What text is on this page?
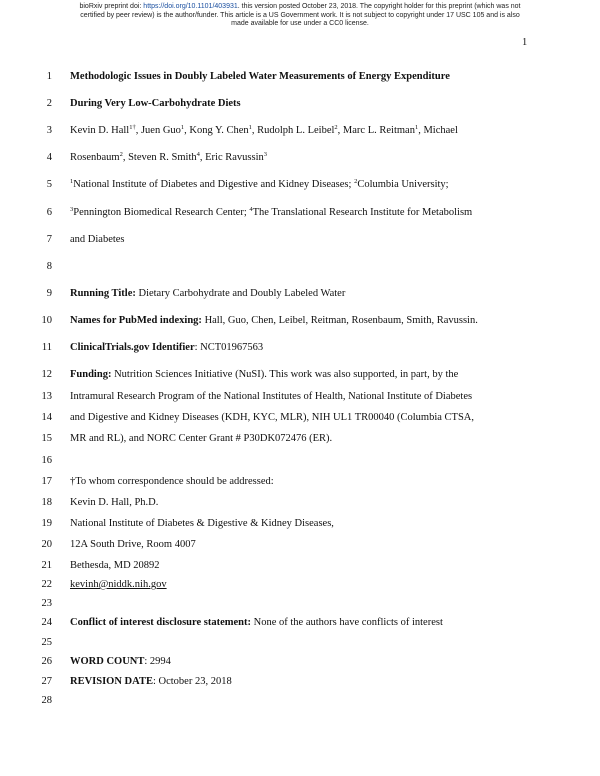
bioRxiv preprint doi: https://doi.org/10.1101/403931. this version posted October 23, 2018. The copyright holder for this preprint (which was not
certified by peer review) is the author/funder. This article is a US Government work. It is not subject to copyright under 17 USC 105 and is also
made available for use under a CC0 license.
1
1 Methodologic Issues in Doubly Labeled Water Measurements of Energy Expenditure
2 During Very Low-Carbohydrate Diets
3 Kevin D. Hall$^{1\dagger}$, Juen Guo$^1$, Kong Y. Chen$^1$, Rudolph L. Leibel$^2$, Marc L. Reitman$^1$, Michael
4 Rosenbaum$^2$, Steven R. Smith$^4$, Eric Ravussin$^3$
5	$^1$National Institute of Diabetes and Digestive and Kidney Diseases; $^2$Columbia University;
6	$^3$Pennington Biomedical Research Center; $^4$The Translational Research Institute for Metabolism
7 and Diabetes
8
9 Running Title: Dietary Carbohydrate and Doubly Labeled Water
10 Names for PubMed indexing: Hall, Guo, Chen, Leibel, Reitman, Rosenbaum, Smith, Ravussin.
11 ClinicalTrials.gov Identifier: NCT01967563
12 Funding: Nutrition Sciences Initiative (NuSI). This work was also supported, in part, by the
13 Intramural Research Program of the National Institutes of Health, National Institute of Diabetes
14 and Digestive and Kidney Diseases (KDH, KYC, MLR), NIH UL1 TR00040 (Columbia CTSA,
15 MR and RL), and NORC Center Grant # P30DK072476 (ER).
16
17 †To whom correspondence should be addressed:
18 Kevin D. Hall, Ph.D.
19 National Institute of Diabetes & Digestive & Kidney Diseases,
20 12A South Drive, Room 4007
21 Bethesda, MD 20892
22 kevinh@niddk.nih.gov
23
24 Conflict of interest disclosure statement: None of the authors have conflicts of interest
25
26 WORD COUNT: 2994
27 REVISION DATE: October 23, 2018
28
